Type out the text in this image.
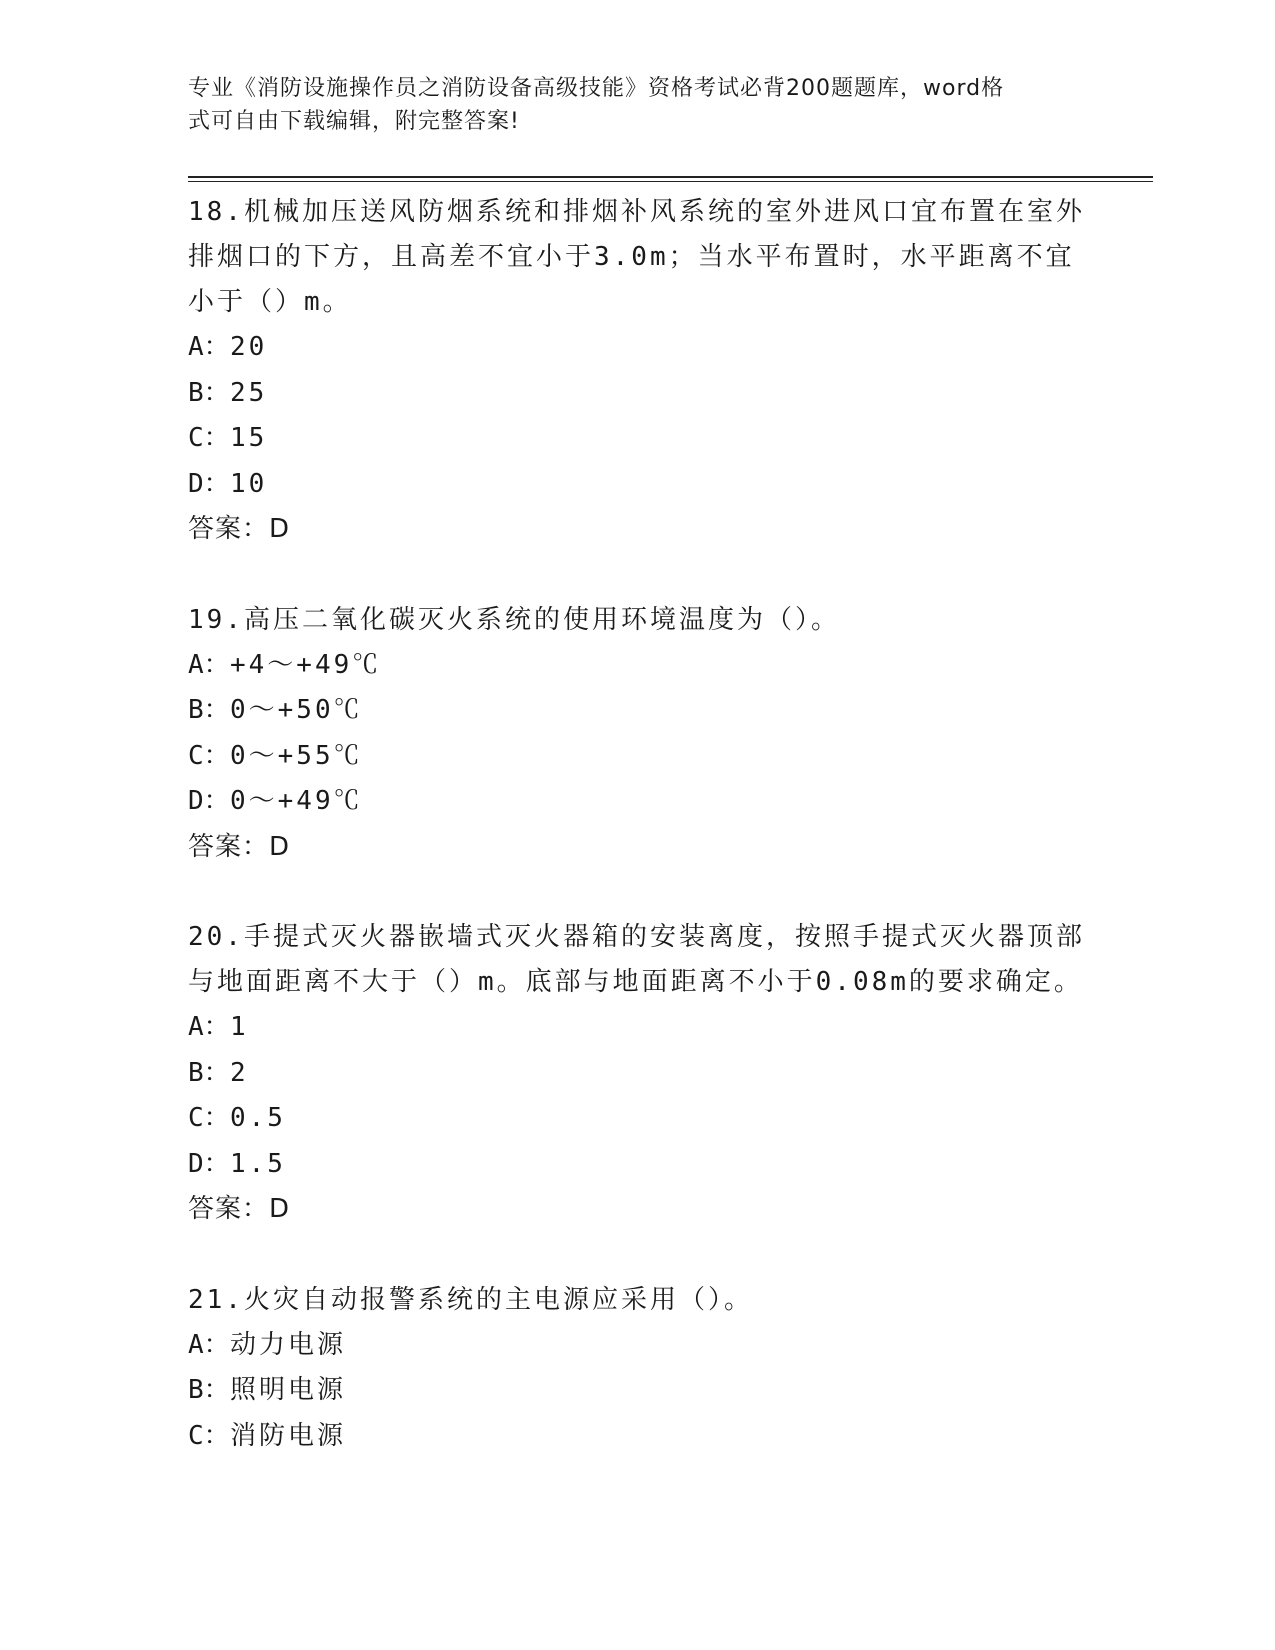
专业《消防设施操作员之消防设备高级技能》资格考试必背200题题库，word格
式可自由下载编辑，附完整答案!

18.机械加压送风防烟系统和排烟补风系统的室外进风口宜布置在室外

排烟口的下方，且高差不宜小于3.0m；当水平布置时，水平距离不宜

小于（）m。

A： 20
B： 25
C： 15
D： 10

答案：D

19.高压二氧化碳灭火系统的使用环境温度为（）。

A： +4～+49℃
B： 0～+50℃
C： 0～+55℃
D： 0～+49℃

答案：D

20.手提式灭火器嵌墙式灭火器箱的安装离度，按照手提式灭火器顶部

与地面距离不大于（）m。底部与地面距离不小于0.08m的要求确定。

A： 1
B： 2
C： 0.5
D： 1.5

答案：D

21.火灾自动报警系统的主电源应采用（）。

A： 动力电源
B： 照明电源
C： 消防电源
